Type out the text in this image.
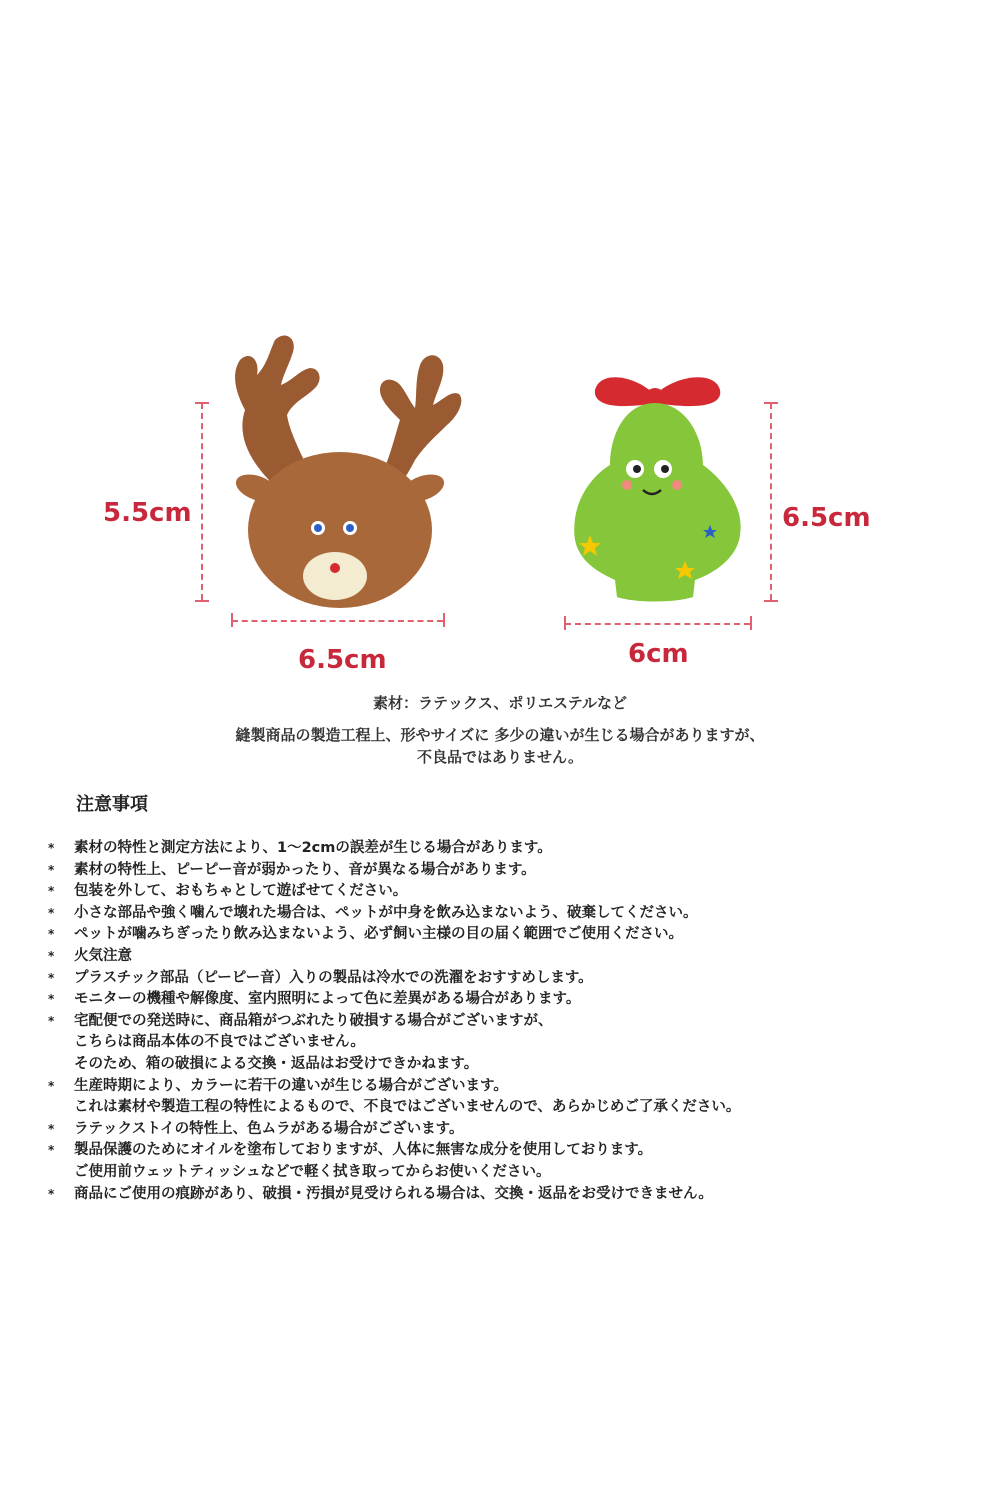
5.5cm
6.5cm
6.5cm
6cm
素材：ラテックス、ポリエステルなど
縫製商品の製造工程上、形やサイズに 多少の違いが生じる場合がありますが、
不良品ではありません。
注意事項
* 素材の特性と測定方法により、1〜2cmの誤差が生じる場合があります。
* 素材の特性上、ピーピー音が弱かったり、音が異なる場合があります。
* 包装を外して、おもちゃとして遊ばせてください。
* 小さな部品や強く噛んで壊れた場合は、ペットが中身を飲み込まないよう、破棄してください。
* ペットが噛みちぎったり飲み込まないよう、必ず飼い主様の目の届く範囲でご使用ください。
* 火気注意
* プラスチック部品（ピーピー音）入りの製品は冷水での洗濯をおすすめします。
* モニターの機種や解像度、室内照明によって色に差異がある場合があります。
* 宅配便での発送時に、商品箱がつぶれたり破損する場合がございますが、
こちらは商品本体の不良ではございません。
そのため、箱の破損による交換・返品はお受けできかねます。
* 生産時期により、カラーに若干の違いが生じる場合がございます。
これは素材や製造工程の特性によるもので、不良ではございませんので、あらかじめご了承ください。
* ラテックストイの特性上、色ムラがある場合がございます。
* 製品保護のためにオイルを塗布しておりますが、人体に無害な成分を使用しております。
ご使用前ウェットティッシュなどで軽く拭き取ってからお使いください。
* 商品にご使用の痕跡があり、破損・汚損が見受けられる場合は、交換・返品をお受けできません。
